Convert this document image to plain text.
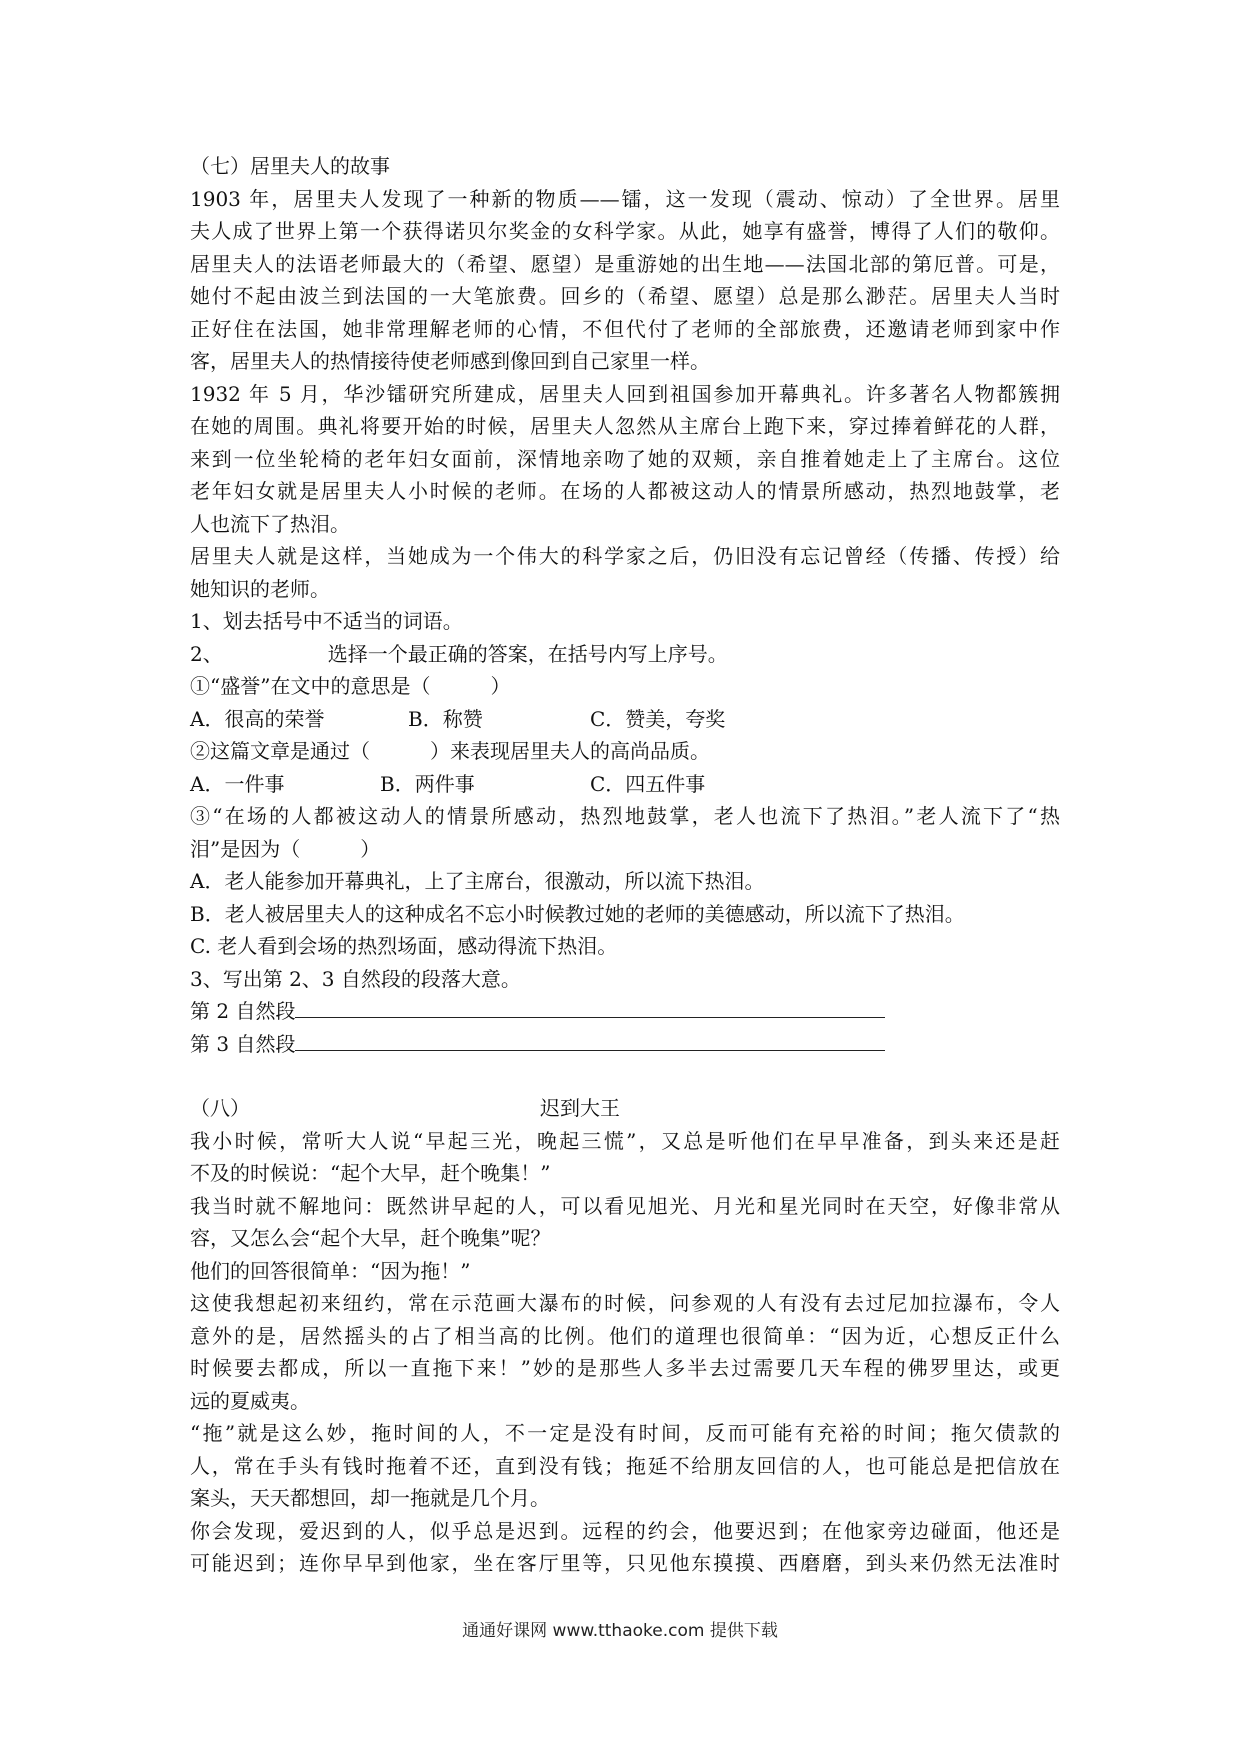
（七）居里夫人的故事
1903 年，居里夫人发现了一种新的物质——镭，这一发现（震动、惊动）了全世界。居里
夫人成了世界上第一个获得诺贝尔奖金的女科学家。从此，她享有盛誉，博得了人们的敬仰。
居里夫人的法语老师最大的（希望、愿望）是重游她的出生地——法国北部的第厄普。可是，
她付不起由波兰到法国的一大笔旅费。回乡的（希望、愿望）总是那么渺茫。居里夫人当时
正好住在法国，她非常理解老师的心情，不但代付了老师的全部旅费，还邀请老师到家中作
客，居里夫人的热情接待使老师感到像回到自己家里一样。
1932 年 5 月，华沙镭研究所建成，居里夫人回到祖国参加开幕典礼。许多著名人物都簇拥
在她的周围。典礼将要开始的时候，居里夫人忽然从主席台上跑下来，穿过捧着鲜花的人群，
来到一位坐轮椅的老年妇女面前，深情地亲吻了她的双颊，亲自推着她走上了主席台。这位
老年妇女就是居里夫人小时候的老师。在场的人都被这动人的情景所感动，热烈地鼓掌，老
人也流下了热泪。
居里夫人就是这样，当她成为一个伟大的科学家之后，仍旧没有忘记曾经（传播、传授）给
她知识的老师。
1、划去括号中不适当的词语。
2、	选择一个最正确的答案，在括号内写上序号。
①“盛誉”在文中的意思是（　　　）
A．很高的荣誉	B．称赞	C．赞美，夸奖
②这篇文章是通过（　　　）来表现居里夫人的高尚品质。
A．一件事	B．两件事	C．四五件事
③“在场的人都被这动人的情景所感动，热烈地鼓掌，老人也流下了热泪。”老人流下了“热
泪”是因为（　　　）
A．老人能参加开幕典礼，上了主席台，很激动，所以流下热泪。
B．老人被居里夫人的这种成名不忘小时候教过她的老师的美德感动，所以流下了热泪。
C. 老人看到会场的热烈场面，感动得流下热泪。
3、写出第 2、3 自然段的段落大意。
第 2 自然段
第 3 自然段
（八）	迟到大王
我小时候，常听大人说“早起三光，晚起三慌”，又总是听他们在早早准备，到头来还是赶
不及的时候说：“起个大早，赶个晚集！”
我当时就不解地问：既然讲早起的人，可以看见旭光、月光和星光同时在天空，好像非常从
容，又怎么会“起个大早，赶个晚集”呢？
他们的回答很简单：“因为拖！”
这使我想起初来纽约，常在示范画大瀑布的时候，问参观的人有没有去过尼加拉瀑布，令人
意外的是，居然摇头的占了相当高的比例。他们的道理也很简单：“因为近，心想反正什么
时候要去都成，所以一直拖下来！”妙的是那些人多半去过需要几天车程的佛罗里达，或更
远的夏威夷。
“拖”就是这么妙，拖时间的人，不一定是没有时间，反而可能有充裕的时间；拖欠债款的
人，常在手头有钱时拖着不还，直到没有钱；拖延不给朋友回信的人，也可能总是把信放在
案头，天天都想回，却一拖就是几个月。
你会发现，爱迟到的人，似乎总是迟到。远程的约会，他要迟到；在他家旁边碰面，他还是
可能迟到；连你早早到他家，坐在客厅里等，只见他东摸摸、西磨磨，到头来仍然无法准时
通通好课网 www.tthaoke.com 提供下载
